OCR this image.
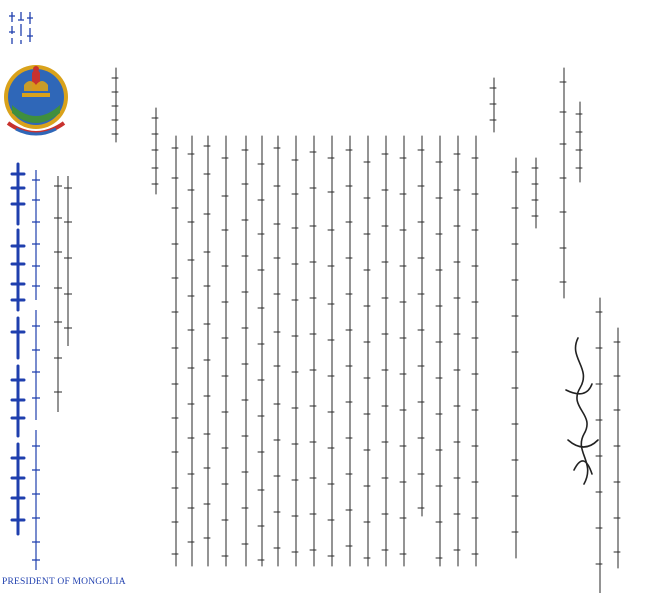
PRESIDENT OF MONGOLIA
